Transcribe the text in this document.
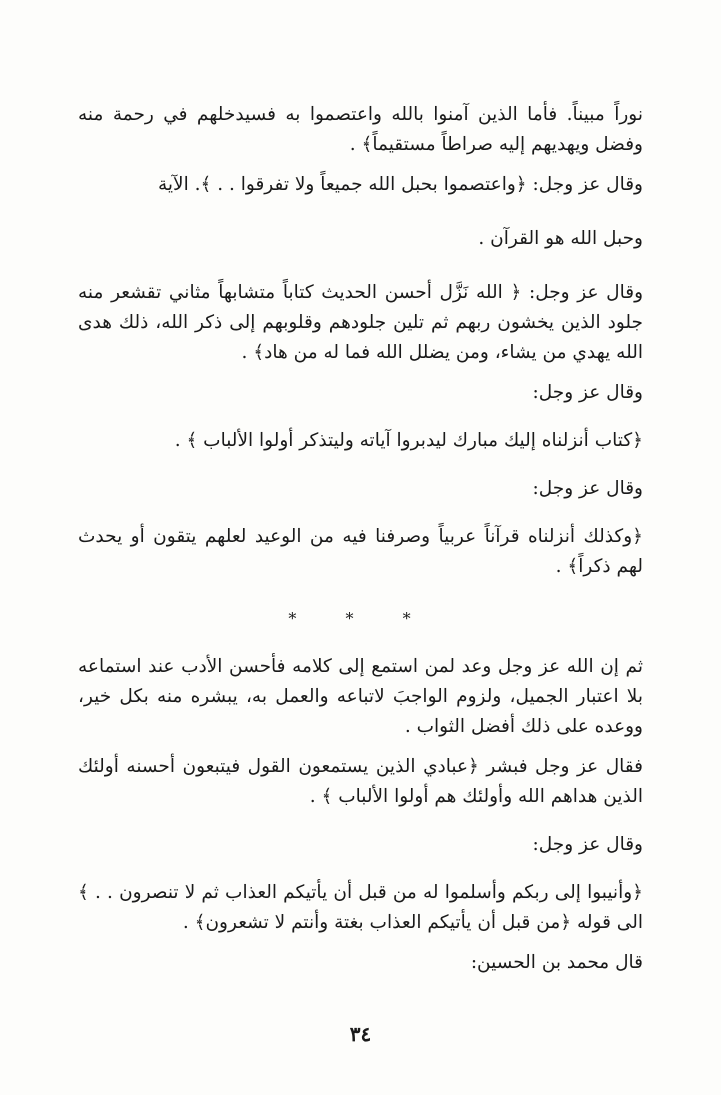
نوراً مبيناً. فأما الذين آمنوا بالله واعتصموا به فسيدخلهم في رحمة منه وفضل ويهديهم إليه صراطاً مستقيماً﴾ .

وقال عز وجل: ﴿واعتصموا بحبل الله جميعاً ولا تفرقوا . . ﴾. الآية

وحبل الله هو القرآن .

وقال عز وجل: ﴿ الله نَزَّل أحسن الحديث كتاباً متشابهاً مثاني تقشعر منه جلود الذين يخشون ربهم ثم تلين جلودهم وقلوبهم إلى ذكر الله، ذلك هدى الله يهدي من يشاء، ومن يضلل الله فما له من هاد﴾ .

وقال عز وجل:

﴿كتاب أنزلناه إليك مبارك ليدبروا آياته وليتذكر أولوا الألباب ﴾ .

وقال عز وجل:

﴿وكذلك أنزلناه قرآناً عربياً وصرفنا فيه من الوعيد لعلهم يتقون أو يحدث لهم ذكراً﴾ .

* * *

ثم إن الله عز وجل وعد لمن استمع إلى كلامه فأحسن الأدب عند استماعه بلا اعتبار الجميل، ولزوم الواجبَ لاتباعه والعمل به، يبشره منه بكل خير، ووعده على ذلك أفضل الثواب .

فقال عز وجل فبشر ﴿عبادي الذين يستمعون القول فيتبعون أحسنه أولئك الذين هداهم الله وأولئك هم أولوا الألباب ﴾ .

وقال عز وجل:

﴿وأنيبوا إلى ربكم وأسلموا له من قبل أن يأتيكم العذاب ثم لا تنصرون . . ﴾ الى قوله ﴿من قبل أن يأتيكم العذاب بغتة وأنتم لا تشعرون﴾ .

قال محمد بن الحسين:

٣٤
